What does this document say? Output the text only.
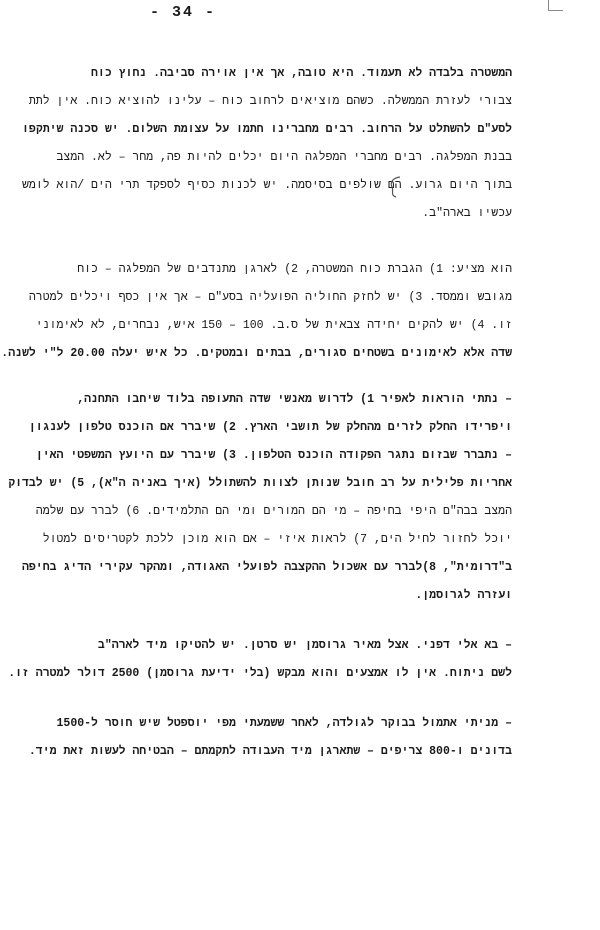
- 34 -
המשטרה בלבדה לא תעמוד. היא טובה, אך אין אוירה סביבה. נחוץ כוח
צבורי לעזרת הממשלה. כשהם מוציאים לרחוב כוח – עלינו להוציא כוח. אין לתת
לסע"ם להשתלט על הרחוב. רבים מחברינו חתמו על עצומת השלום. יש סכנה שיתקפו
בבנת המפלגה. רבים מחברי המפלגה היום יכלים להיות פה, מחר – לא. המצב
בתוך היום גרוע. הם שולפים בסיסמה. יש לכנות כסיף לספקד תרי הים /הוא לומש
עכשיו בארה"ב.
הוא מציע: 1) הגברת כוח המשטרה, 2) לארגן מתנדבים של המפלגה – כוח
מגובש וממסד. 3) יש לחזק החוליה הפועליה בסע"ם – אך אין כסף ויכלים למטרה
זו. 4) יש להקים יחידה צבאית של ס.ב. 100 – 150 איש, נבחרים, לא לאימוני
שדה אלא לאימונים בשטחים סגורים, בבתים ובמטקים. כל איש יעלה 20.00 ל"י לשנה.
– נתתי הוראות לאפיר 1) לדרוש מאנשי שדה התעופה בלוד שיחבו התחנה,
ויפרידו החלק לזרים מהחלק של תושבי הארץ. 2) שיברר אם הוכנס טלפון לענגון
– נתברר שבזום נתגר הפקודה הוכנס הטלפון. 3) שיברר עם היועץ המשפטי האין
אחריות פלילית על רב חובל שנותן לצוות להשתולל (איך באניה ה"א), 5) יש לבדוק
המצב בבה"ם היפי בחיפה – מי הם המורים ומי הם התלמידים. 6) לברר עם שלמה
יוכל לחזור לחיל הים, 7) לראות איזי – אם הוא מוכן ללכת לקטריסים למטול
ב"דרומית", 8)לברר עם אשכול ההקצבה לפועלי האגודה, ומהקר עקירי הדיג בחיפה
ועזרה לגרוסמן.
– בא אלי דפני. אצל מאיר גרוסמן יש סרטן. יש להטיקו מיד לארה"ב
לשם ניתוח. אין לו אמצעים והוא מבקש (בלי ידיעת גרוסמן) 2500 דולר למטרה זו.
– מניתי אתמול בבוקר לגולדה, לאחר ששמעתי מפי יוספטל שיש חוסר ל-1500
בדונים ו-800 צריפים – שתארגן מיד העבודה לתקמתם – הבטיחה לעשות זאת מיד.
